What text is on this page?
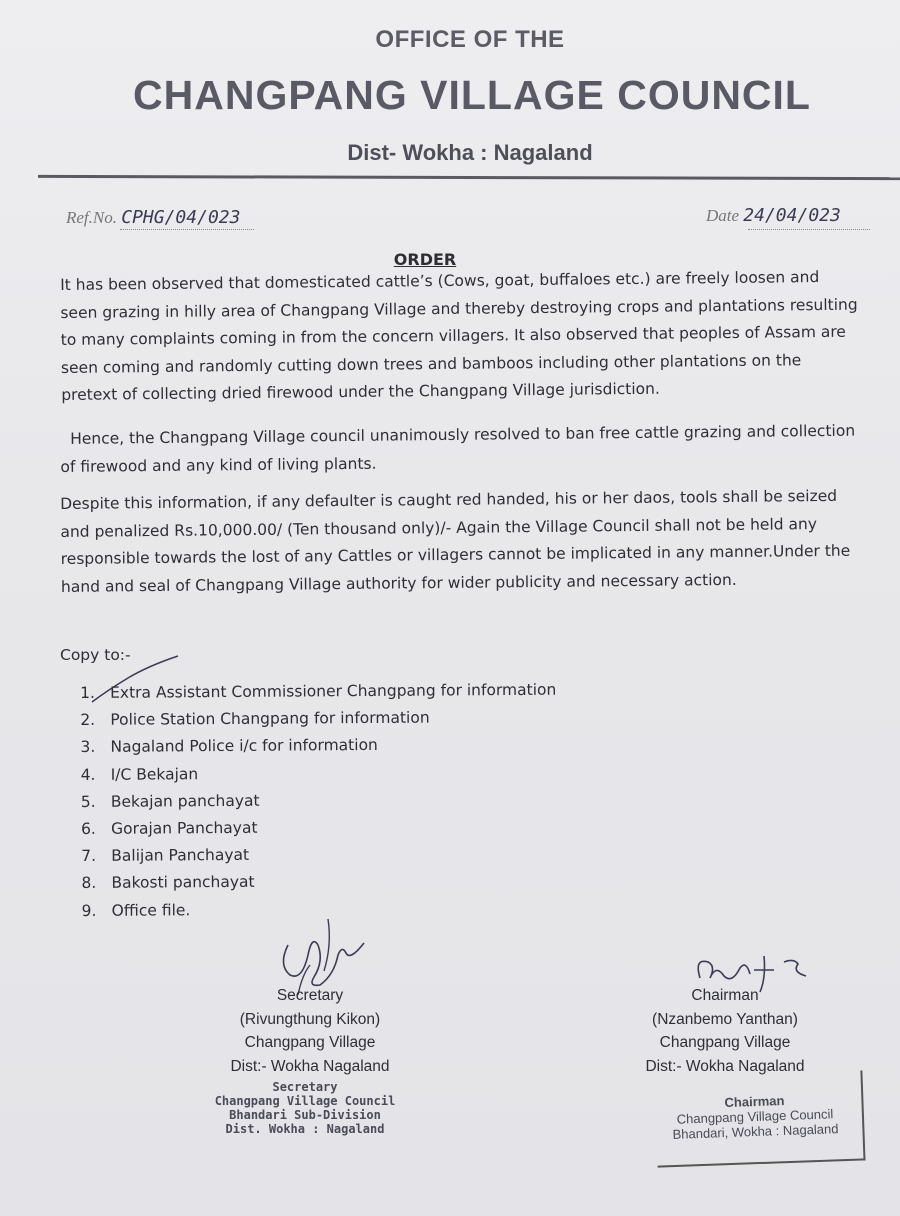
OFFICE OF THE
CHANGPANG VILLAGE COUNCIL
Dist- Wokha : Nagaland
Ref.No. CPHG/04/023	Date 24/04/023
ORDER
It has been observed that domesticated cattle’s (Cows, goat, buffaloes etc.) are freely loosen and seen grazing in hilly area of Changpang Village and thereby destroying crops and plantations resulting to many complaints coming in from the concern villagers. It also observed that peoples of Assam are seen coming and randomly cutting down trees and bamboos including other plantations on the pretext of collecting dried firewood under the Changpang Village jurisdiction.
Hence, the Changpang Village council unanimously resolved to ban free cattle grazing and collection of firewood and any kind of living plants.
Despite this information, if any defaulter is caught red handed, his or her daos, tools shall be seized and penalized Rs.10,000.00/ (Ten thousand only)/- Again the Village Council shall not be held any responsible towards the lost of any Cattles or villagers cannot be implicated in any manner.Under the hand and seal of Changpang Village authority for wider publicity and necessary action.
Copy to:-
1. Extra Assistant Commissioner Changpang for information
2. Police Station Changpang for information
3. Nagaland Police i/c for information
4. I/C Bekajan
5. Bekajan panchayat
6. Gorajan Panchayat
7. Balijan Panchayat
8. Bakosti panchayat
9. Office file.
Secretary
(Rivungthung Kikon)
Changpang Village
Dist:- Wokha Nagaland
Secretary
Changpang Village Council
Bhandari Sub-Division
Dist. Wokha : Nagaland
Chairman
(Nzanbemo Yanthan)
Changpang Village
Dist:- Wokha Nagaland
Chairman
Changpang Village Council
Bhandari, Wokha : Nagaland
